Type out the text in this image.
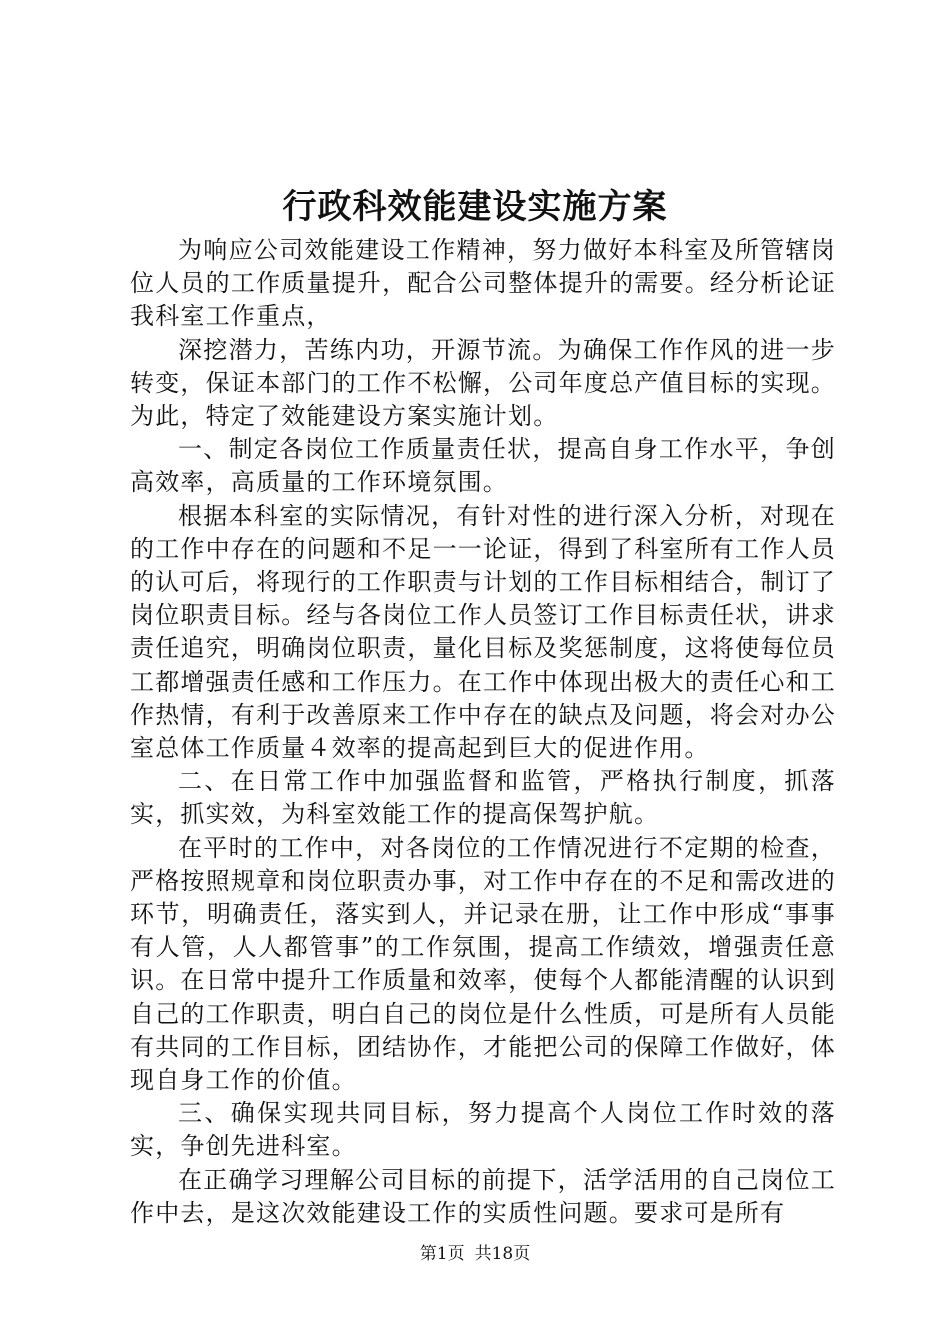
行政科效能建设实施方案

为响应公司效能建设工作精神，努力做好本科室及所管辖岗位人员的工作质量提升，配合公司整体提升的需要。经分析论证我科室工作重点，

深挖潜力，苦练内功，开源节流。为确保工作作风的进一步转变，保证本部门的工作不松懈，公司年度总产值目标的实现。为此，特定了效能建设方案实施计划。

一、制定各岗位工作质量责任状，提高自身工作水平，争创高效率，高质量的工作环境氛围。

根据本科室的实际情况，有针对性的进行深入分析，对现在的工作中存在的问题和不足一一论证，得到了科室所有工作人员的认可后，将现行的工作职责与计划的工作目标相结合，制订了岗位职责目标。经与各岗位工作人员签订工作目标责任状，讲求责任追究，明确岗位职责，量化目标及奖惩制度，这将使每位员工都增强责任感和工作压力。在工作中体现出极大的责任心和工作热情，有利于改善原来工作中存在的缺点及问题，将会对办公室总体工作质量４效率的提高起到巨大的促进作用。

二、在日常工作中加强监督和监管，严格执行制度，抓落实，抓实效，为科室效能工作的提高保驾护航。

在平时的工作中，对各岗位的工作情况进行不定期的检查，严格按照规章和岗位职责办事，对工作中存在的不足和需改进的环节，明确责任，落实到人，并记录在册，让工作中形成“事事有人管，人人都管事”的工作氛围，提高工作绩效，增强责任意识。在日常中提升工作质量和效率，使每个人都能清醒的认识到自己的工作职责，明白自己的岗位是什么性质，可是所有人员能有共同的工作目标，团结协作，才能把公司的保障工作做好，体现自身工作的价值。

三、确保实现共同目标，努力提高个人岗位工作时效的落实，争创先进科室。

在正确学习理解公司目标的前提下，活学活用的自己岗位工作中去，是这次效能建设工作的实质性问题。要求可是所有

第1页 共18页
